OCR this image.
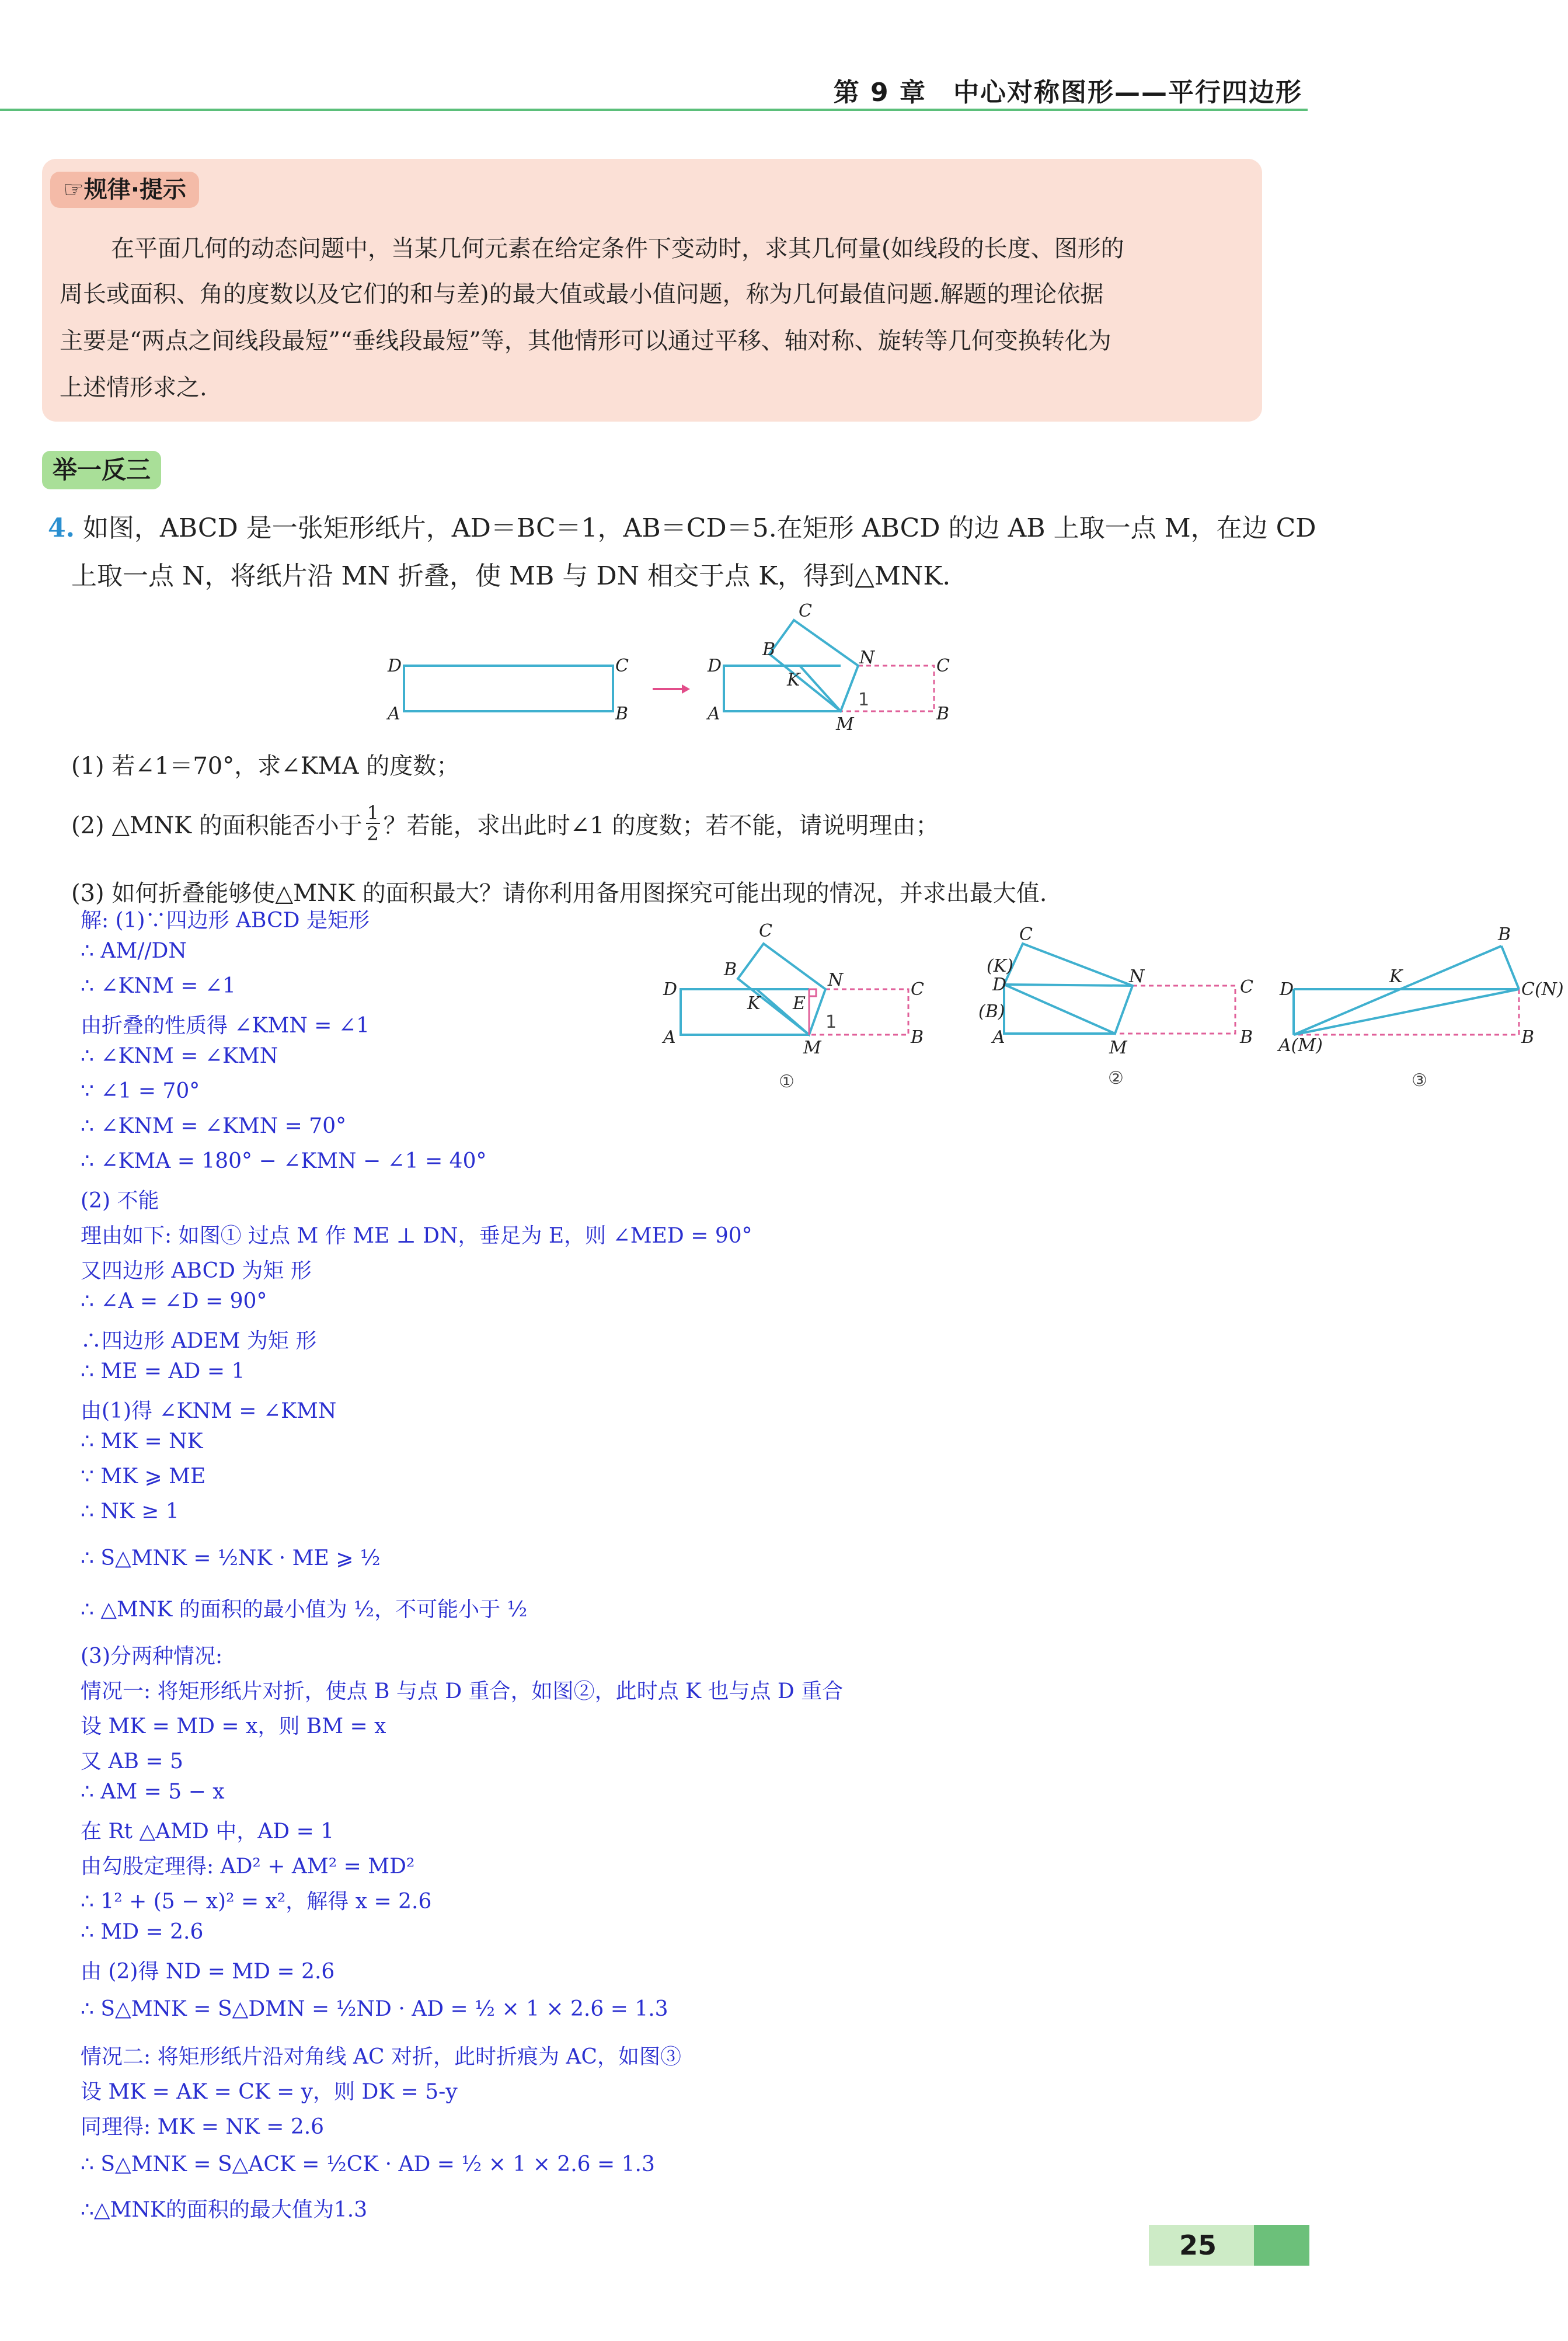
第 9 章　中心对称图形——平行四边形
☞规律·提示
在平面几何的动态问题中，当某几何元素在给定条件下变动时，求其几何量(如线段的长度、图形的
周长或面积、角的度数以及它们的和与差)的最大值或最小值问题，称为几何最值问题.解题的理论依据
主要是“两点之间线段最短”“垂线段最短”等，其他情形可以通过平移、轴对称、旋转等几何变换转化为
上述情形求之.
举一反三
4. 如图，ABCD 是一张矩形纸片，AD＝BC＝1，AB＝CD＝5.在矩形 ABCD 的边 AB 上取一点 M，在边 CD
上取一点 N，将纸片沿 MN 折叠，使 MB 与 DN 相交于点 K，得到△MNK.
(1) 若∠1＝70°，求∠KMA 的度数；
(2) △MNK 的面积能否小于 1
2 ？若能，求出此时∠1 的度数；若不能，请说明理由；
(3) 如何折叠能够使△MNK 的面积最大？请你利用备用图探究可能出现的情况，并求出最大值.
D	C
A	B
C
B	N
K
D	C
A	B
M
1
C
B
N
K E
D	C
A	B
M
1
①
C
(K)
D
(B)
A
N
C
B
M
②
B
K
D	C(N)
A(M)	B
③
解: (1)∵四边形 ABCD 是矩形
∴ AM//DN
∴ ∠KNM = ∠1
由折叠的性质得 ∠KMN = ∠1
∴ ∠KNM = ∠KMN
∵ ∠1 = 70°
∴ ∠KNM = ∠KMN = 70°
∴ ∠KMA = 180° − ∠KMN − ∠1 = 40°
(2) 不能
理由如下: 如图① 过点 M 作 ME ⊥ DN，垂足为 E，则 ∠MED = 90°
又四边形 ABCD 为矩 形
∴ ∠A = ∠D = 90°
∴四边形 ADEM 为矩 形
∴ ME = AD = 1
由(1)得 ∠KNM = ∠KMN
∴ MK = NK
∵ MK ⩾ ME
∴ NK ≥ 1
∴ S△MNK = ½NK · ME ⩾ ½
∴ △MNK 的面积的最小值为 ½，不可能小于 ½
(3)分两种情况:
情况一: 将矩形纸片对折，使点 B 与点 D 重合，如图②，此时点 K 也与点 D 重合
设 MK = MD = x，则 BM = x
又 AB = 5
∴ AM = 5 − x
在 Rt △AMD 中，AD = 1
由勾股定理得: AD² + AM² = MD²
∴ 1² + (5 − x)² = x²，解得 x = 2.6
∴ MD = 2.6
由 (2)得 ND = MD = 2.6
∴ S△MNK = S△DMN = ½ND · AD = ½ × 1 × 2.6 = 1.3
情况二: 将矩形纸片沿对角线 AC 对折，此时折痕为 AC，如图③
设 MK = AK = CK = y，则 DK = 5-y
同理得: MK = NK = 2.6
∴ S△MNK = S△ACK = ½CK · AD = ½ × 1 × 2.6 = 1.3
∴△MNK的面积的最大值为1.3
25
